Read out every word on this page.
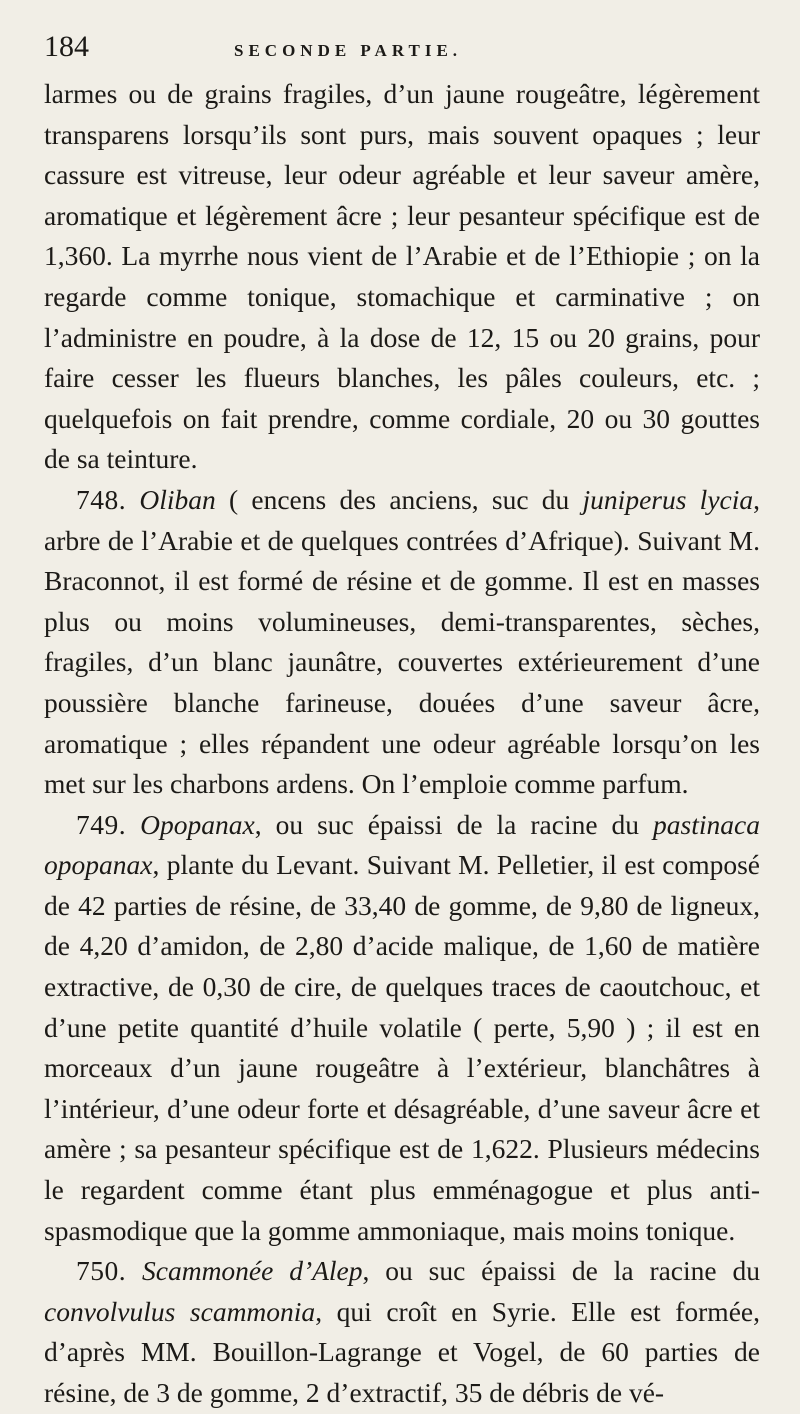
184	SECONDE PARTIE.

larmes ou de grains fragiles, d’un jaune rougeâtre, légèrement transparens lorsqu’ils sont purs, mais souvent opaques ; leur cassure est vitreuse, leur odeur agréable et leur saveur amère, aromatique et légèrement âcre ; leur pesanteur spécifique est de 1,360. La myrrhe nous vient de l’Arabie et de l’Ethiopie ; on la regarde comme tonique, stomachique et carminative ; on l’administre en poudre, à la dose de 12, 15 ou 20 grains, pour faire cesser les flueurs blanches, les pâles couleurs, etc. ; quelquefois on fait prendre, comme cordiale, 20 ou 30 gouttes de sa teinture.

748. Oliban ( encens des anciens, suc du juniperus lycia, arbre de l’Arabie et de quelques contrées d’Afrique). Suivant M. Braconnot, il est formé de résine et de gomme. Il est en masses plus ou moins volumineuses, demi-transparentes, sèches, fragiles, d’un blanc jaunâtre, couvertes extérieurement d’une poussière blanche farineuse, douées d’une saveur âcre, aromatique ; elles répandent une odeur agréable lorsqu’on les met sur les charbons ardens. On l’emploie comme parfum.

749. Opopanax, ou suc épaissi de la racine du pastinaca opopanax, plante du Levant. Suivant M. Pelletier, il est composé de 42 parties de résine, de 33,40 de gomme, de 9,80 de ligneux, de 4,20 d’amidon, de 2,80 d’acide malique, de 1,60 de matière extractive, de 0,30 de cire, de quelques traces de caoutchouc, et d’une petite quantité d’huile volatile ( perte, 5,90 ) ; il est en morceaux d’un jaune rougeâtre à l’extérieur, blanchâtres à l’intérieur, d’une odeur forte et désagréable, d’une saveur âcre et amère ; sa pesanteur spécifique est de 1,622. Plusieurs médecins le regardent comme étant plus emménagogue et plus anti-spasmodique que la gomme ammoniaque, mais moins tonique.

750. Scammonée d’Alep, ou suc épaissi de la racine du convolvulus scammonia, qui croît en Syrie. Elle est formée, d’après MM. Bouillon-Lagrange et Vogel, de 60 parties de résine, de 3 de gomme, 2 d’extractif, 35 de débris de vé-
